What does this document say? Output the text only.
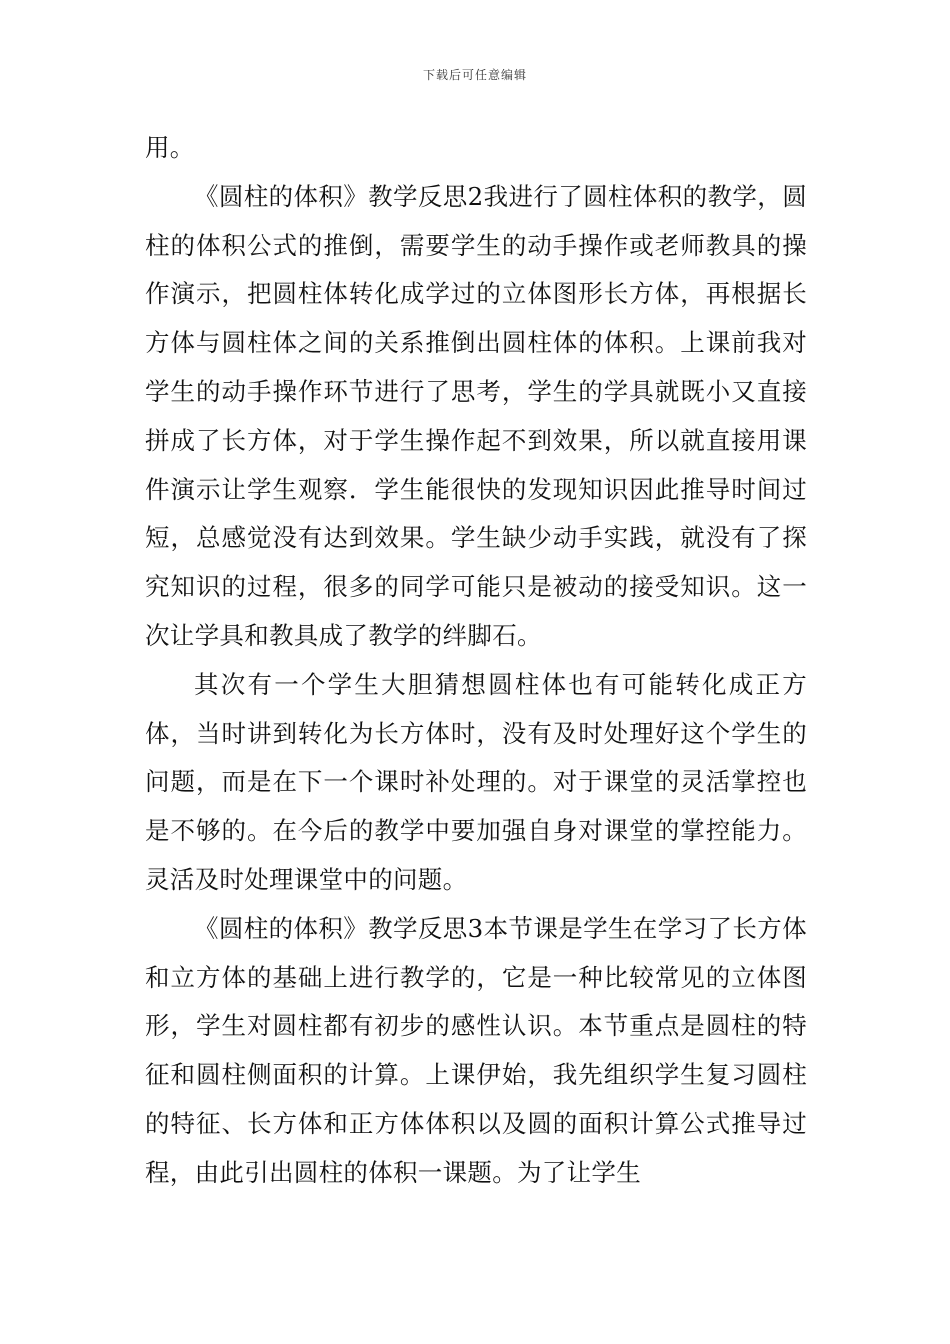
下载后可任意编辑

用。

《圆柱的体积》教学反思2我进行了圆柱体积的教学，圆柱的体积公式的推倒，需要学生的动手操作或老师教具的操作演示，把圆柱体转化成学过的立体图形长方体，再根据长方体与圆柱体之间的关系推倒出圆柱体的体积。上课前我对学生的动手操作环节进行了思考，学生的学具就既小又直接拼成了长方体，对于学生操作起不到效果，所以就直接用课件演示让学生观察．学生能很快的发现知识因此推导时间过短，总感觉没有达到效果。学生缺少动手实践，就没有了探究知识的过程，很多的同学可能只是被动的接受知识。这一次让学具和教具成了教学的绊脚石。

其次有一个学生大胆猜想圆柱体也有可能转化成正方体，当时讲到转化为长方体时，没有及时处理好这个学生的问题，而是在下一个课时补处理的。对于课堂的灵活掌控也是不够的。在今后的教学中要加强自身对课堂的掌控能力。灵活及时处理课堂中的问题。

《圆柱的体积》教学反思3本节课是学生在学习了长方体和立方体的基础上进行教学的，它是一种比较常见的立体图形，学生对圆柱都有初步的感性认识。本节重点是圆柱的特征和圆柱侧面积的计算。上课伊始，我先组织学生复习圆柱的特征、长方体和正方体体积以及圆的面积计算公式推导过程，由此引出圆柱的体积一课题。为了让学生
